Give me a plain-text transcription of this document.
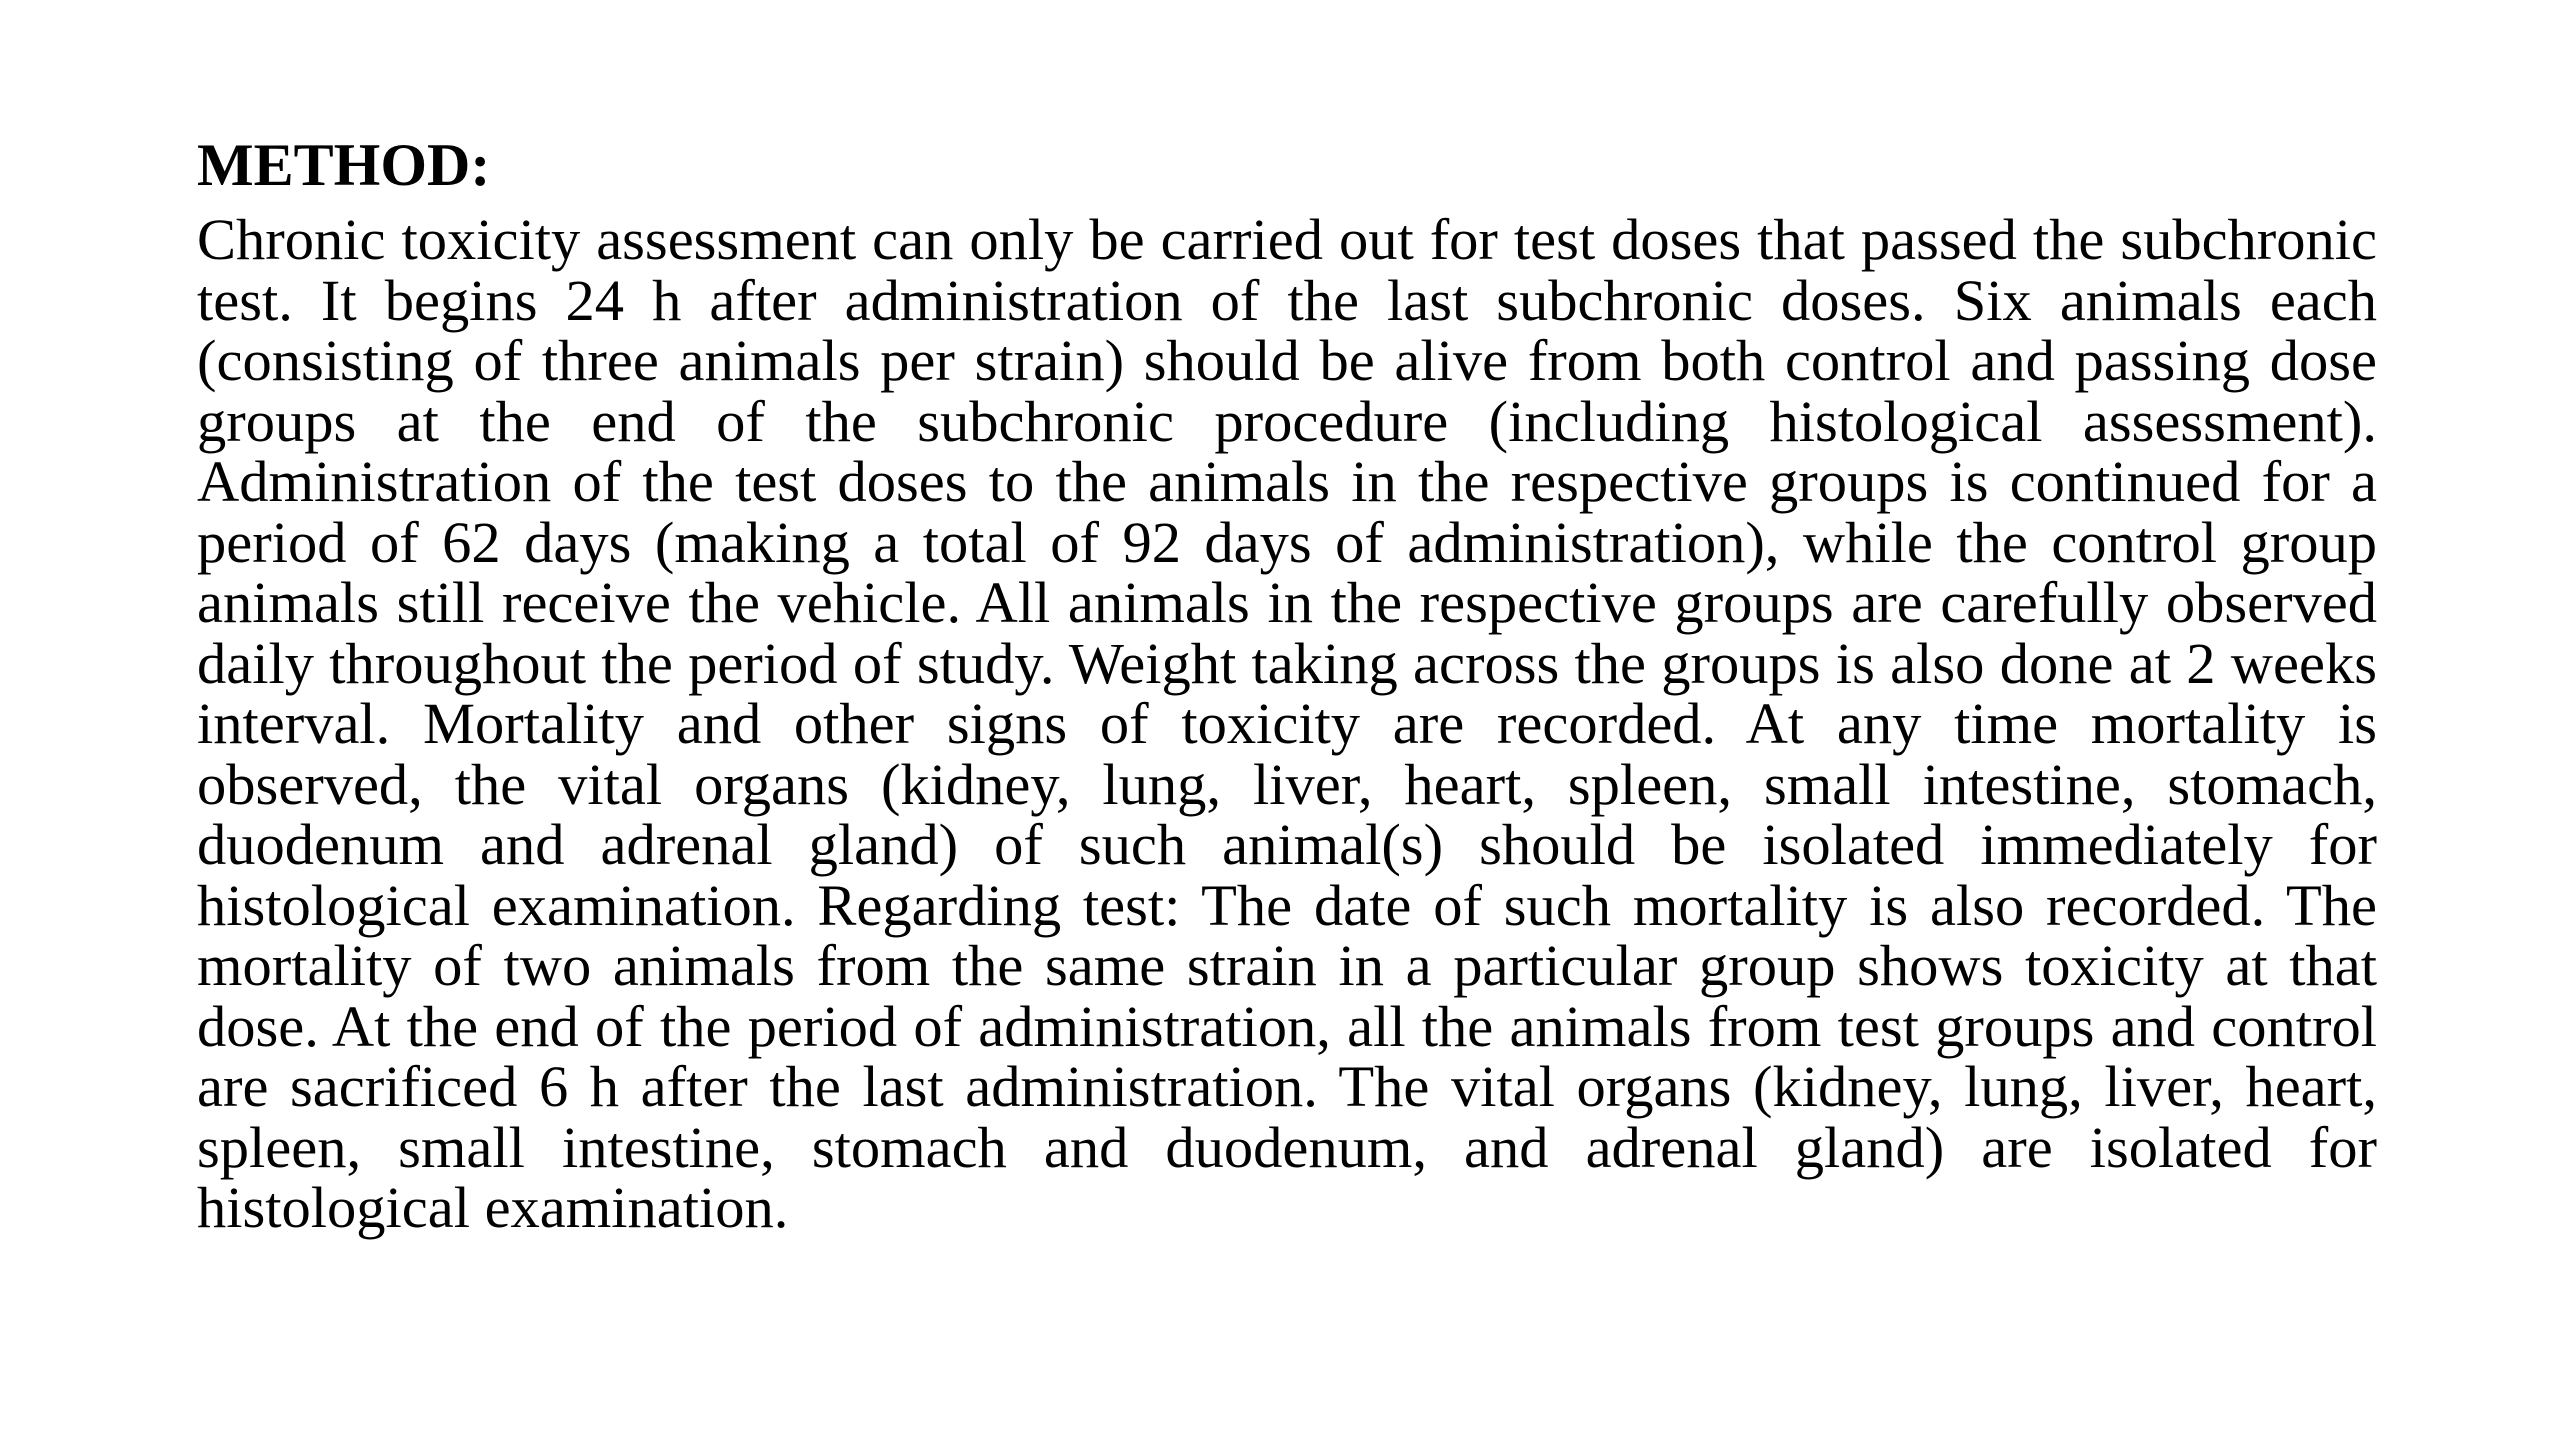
METHOD:

Chronic toxicity assessment can only be carried out for test doses that passed the subchronic test. It begins 24 h after administration of the last subchronic doses. Six animals each (consisting of three animals per strain) should be alive from both control and passing dose groups at the end of the subchronic procedure (including histological assessment). Administration of the test doses to the animals in the respective groups is continued for a period of 62 days (making a total of 92 days of administration), while the control group animals still receive the vehicle. All animals in the respective groups are carefully observed daily throughout the period of study. Weight taking across the groups is also done at 2 weeks interval. Mortality and other signs of toxicity are recorded. At any time mortality is observed, the vital organs (kidney, lung, liver, heart, spleen, small intestine, stomach, duodenum and adrenal gland) of such animal(s) should be isolated immediately for histological examination. Regarding test: The date of such mortality is also recorded. The mortality of two animals from the same strain in a particular group shows toxicity at that dose. At the end of the period of administration, all the animals from test groups and control are sacrificed 6 h after the last administration. The vital organs (kidney, lung, liver, heart, spleen, small intestine, stomach and duodenum, and adrenal gland) are isolated for histological examination.
